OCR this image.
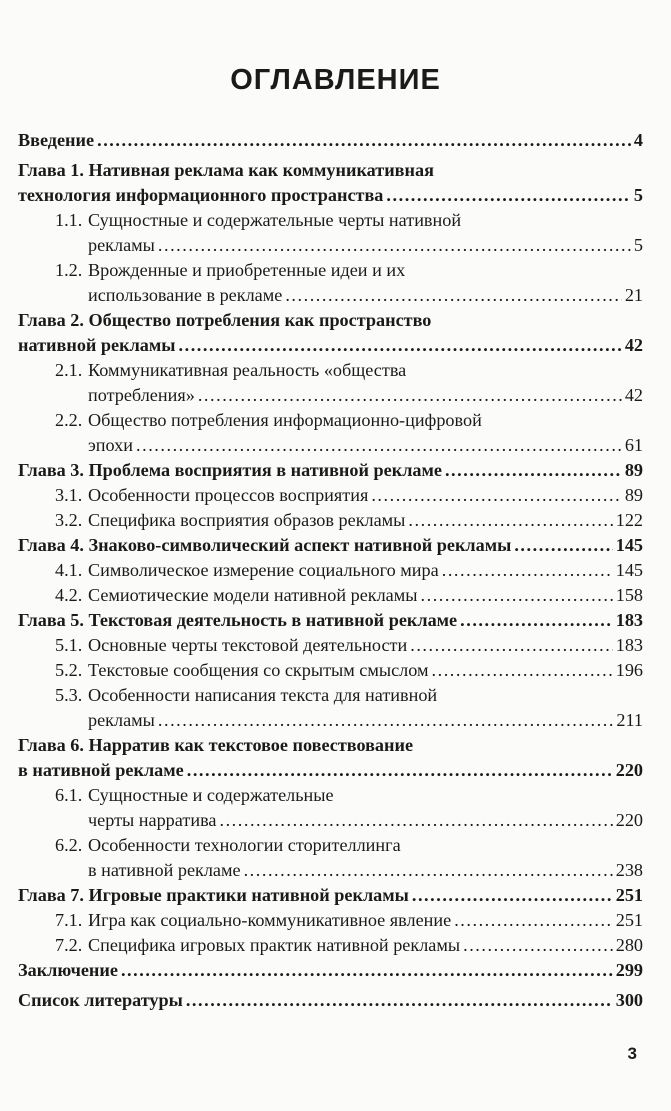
ОГЛАВЛЕНИЕ
Введение . . .	4
Глава 1. Нативная реклама как коммуникативная
технология информационного пространства . . .	5
1.1. Сущностные и содержательные черты нативной
рекламы . . .	5
1.2. Врожденные и приобретенные идеи и их
использование в рекламе . . .	21
Глава 2. Общество потребления как пространство
нативной рекламы . . .	42
2.1. Коммуникативная реальность «общества
потребления» . . .	42
2.2. Общество потребления информационно-цифровой
эпохи . . .	61
Глава 3. Проблема восприятия в нативной рекламе . . .	89
3.1. Особенности процессов восприятия . . .	89
3.2. Специфика восприятия образов рекламы . . .	122
Глава 4. Знаково-символический аспект нативной рекламы . . .	145
4.1. Символическое измерение социального мира . . .	145
4.2. Семиотические модели нативной рекламы . . .	158
Глава 5. Текстовая деятельность в нативной рекламе . . .	183
5.1. Основные черты текстовой деятельности . . .	183
5.2. Текстовые сообщения со скрытым смыслом . . .	196
5.3. Особенности написания текста для нативной
рекламы . . .	211
Глава 6. Нарратив как текстовое повествование
в нативной рекламе . . .	220
6.1. Сущностные и содержательные
черты нарратива . . .	220
6.2. Особенности технологии сторителлинга
в нативной рекламе . . .	238
Глава 7. Игровые практики нативной рекламы . . .	251
7.1. Игра как социально-коммуникативное явление . . .	251
7.2. Специфика игровых практик нативной рекламы . . .	280
Заключение . . .	299
Список литературы . . .	300
3
